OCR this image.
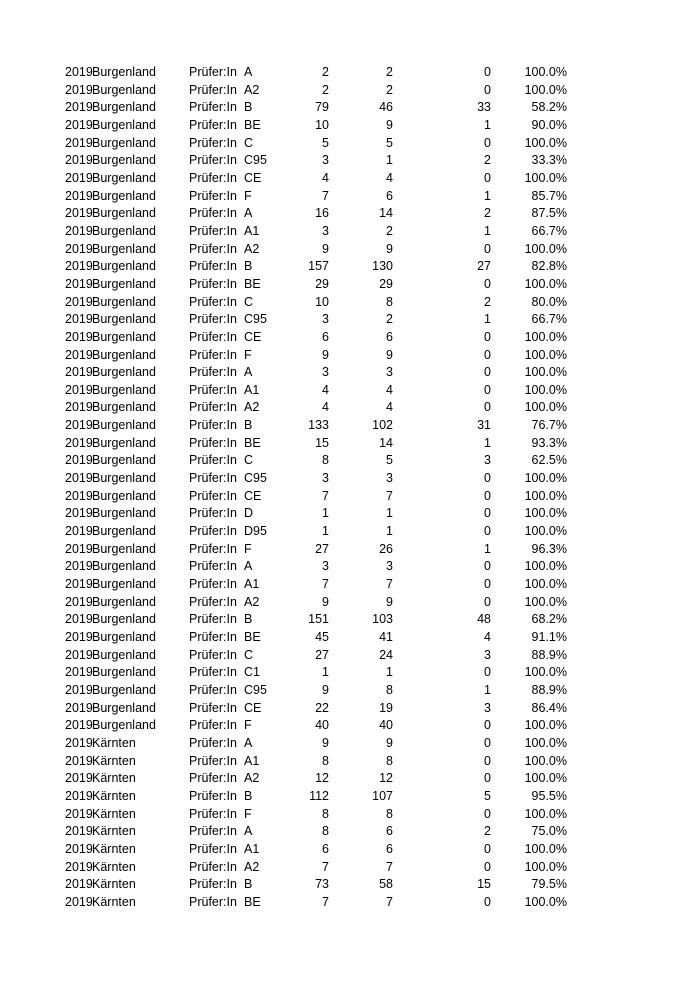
2019 Burgenland	Prüfer:In A	2	2	0	100.0%
2019 Burgenland	Prüfer:In A2	2	2	0	100.0%
2019 Burgenland	Prüfer:In B	79	46	33	58.2%
2019 Burgenland	Prüfer:In BE	10	9	1	90.0%
2019 Burgenland	Prüfer:In C	5	5	0	100.0%
2019 Burgenland	Prüfer:In C95	3	1	2	33.3%
2019 Burgenland	Prüfer:In CE	4	4	0	100.0%
2019 Burgenland	Prüfer:In F	7	6	1	85.7%
2019 Burgenland	Prüfer:In A	16	14	2	87.5%
2019 Burgenland	Prüfer:In A1	3	2	1	66.7%
2019 Burgenland	Prüfer:In A2	9	9	0	100.0%
2019 Burgenland	Prüfer:In B	157	130	27	82.8%
2019 Burgenland	Prüfer:In BE	29	29	0	100.0%
2019 Burgenland	Prüfer:In C	10	8	2	80.0%
2019 Burgenland	Prüfer:In C95	3	2	1	66.7%
2019 Burgenland	Prüfer:In CE	6	6	0	100.0%
2019 Burgenland	Prüfer:In F	9	9	0	100.0%
2019 Burgenland	Prüfer:In A	3	3	0	100.0%
2019 Burgenland	Prüfer:In A1	4	4	0	100.0%
2019 Burgenland	Prüfer:In A2	4	4	0	100.0%
2019 Burgenland	Prüfer:In B	133	102	31	76.7%
2019 Burgenland	Prüfer:In BE	15	14	1	93.3%
2019 Burgenland	Prüfer:In C	8	5	3	62.5%
2019 Burgenland	Prüfer:In C95	3	3	0	100.0%
2019 Burgenland	Prüfer:In CE	7	7	0	100.0%
2019 Burgenland	Prüfer:In D	1	1	0	100.0%
2019 Burgenland	Prüfer:In D95	1	1	0	100.0%
2019 Burgenland	Prüfer:In F	27	26	1	96.3%
2019 Burgenland	Prüfer:In A	3	3	0	100.0%
2019 Burgenland	Prüfer:In A1	7	7	0	100.0%
2019 Burgenland	Prüfer:In A2	9	9	0	100.0%
2019 Burgenland	Prüfer:In B	151	103	48	68.2%
2019 Burgenland	Prüfer:In BE	45	41	4	91.1%
2019 Burgenland	Prüfer:In C	27	24	3	88.9%
2019 Burgenland	Prüfer:In C1	1	1	0	100.0%
2019 Burgenland	Prüfer:In C95	9	8	1	88.9%
2019 Burgenland	Prüfer:In CE	22	19	3	86.4%
2019 Burgenland	Prüfer:In F	40	40	0	100.0%
2019 Kärnten	Prüfer:In A	9	9	0	100.0%
2019 Kärnten	Prüfer:In A1	8	8	0	100.0%
2019 Kärnten	Prüfer:In A2	12	12	0	100.0%
2019 Kärnten	Prüfer:In B	112	107	5	95.5%
2019 Kärnten	Prüfer:In F	8	8	0	100.0%
2019 Kärnten	Prüfer:In A	8	6	2	75.0%
2019 Kärnten	Prüfer:In A1	6	6	0	100.0%
2019 Kärnten	Prüfer:In A2	7	7	0	100.0%
2019 Kärnten	Prüfer:In B	73	58	15	79.5%
2019 Kärnten	Prüfer:In BE	7	7	0	100.0%
